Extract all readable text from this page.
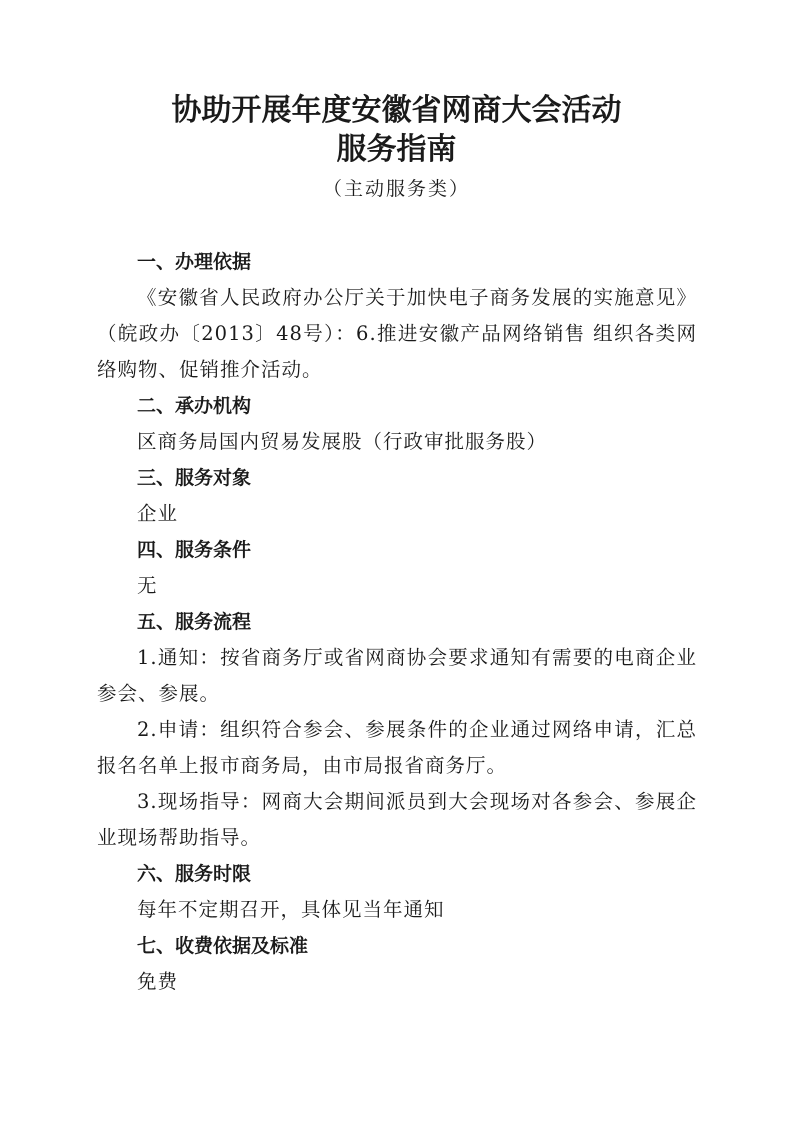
协助开展年度安徽省网商大会活动
服务指南
（主动服务类）
一、办理依据
《安徽省人民政府办公厅关于加快电子商务发展的实施意见》（皖政办〔2013〕48号）：6.推进安徽产品网络销售 组织各类网络购物、促销推介活动。
二、承办机构
区商务局国内贸易发展股（行政审批服务股）
三、服务对象
企业
四、服务条件
无
五、服务流程
1.通知：按省商务厅或省网商协会要求通知有需要的电商企业参会、参展。
2.申请：组织符合参会、参展条件的企业通过网络申请，汇总报名名单上报市商务局，由市局报省商务厅。
3.现场指导：网商大会期间派员到大会现场对各参会、参展企业现场帮助指导。
六、服务时限
每年不定期召开，具体见当年通知
七、收费依据及标准
免费
